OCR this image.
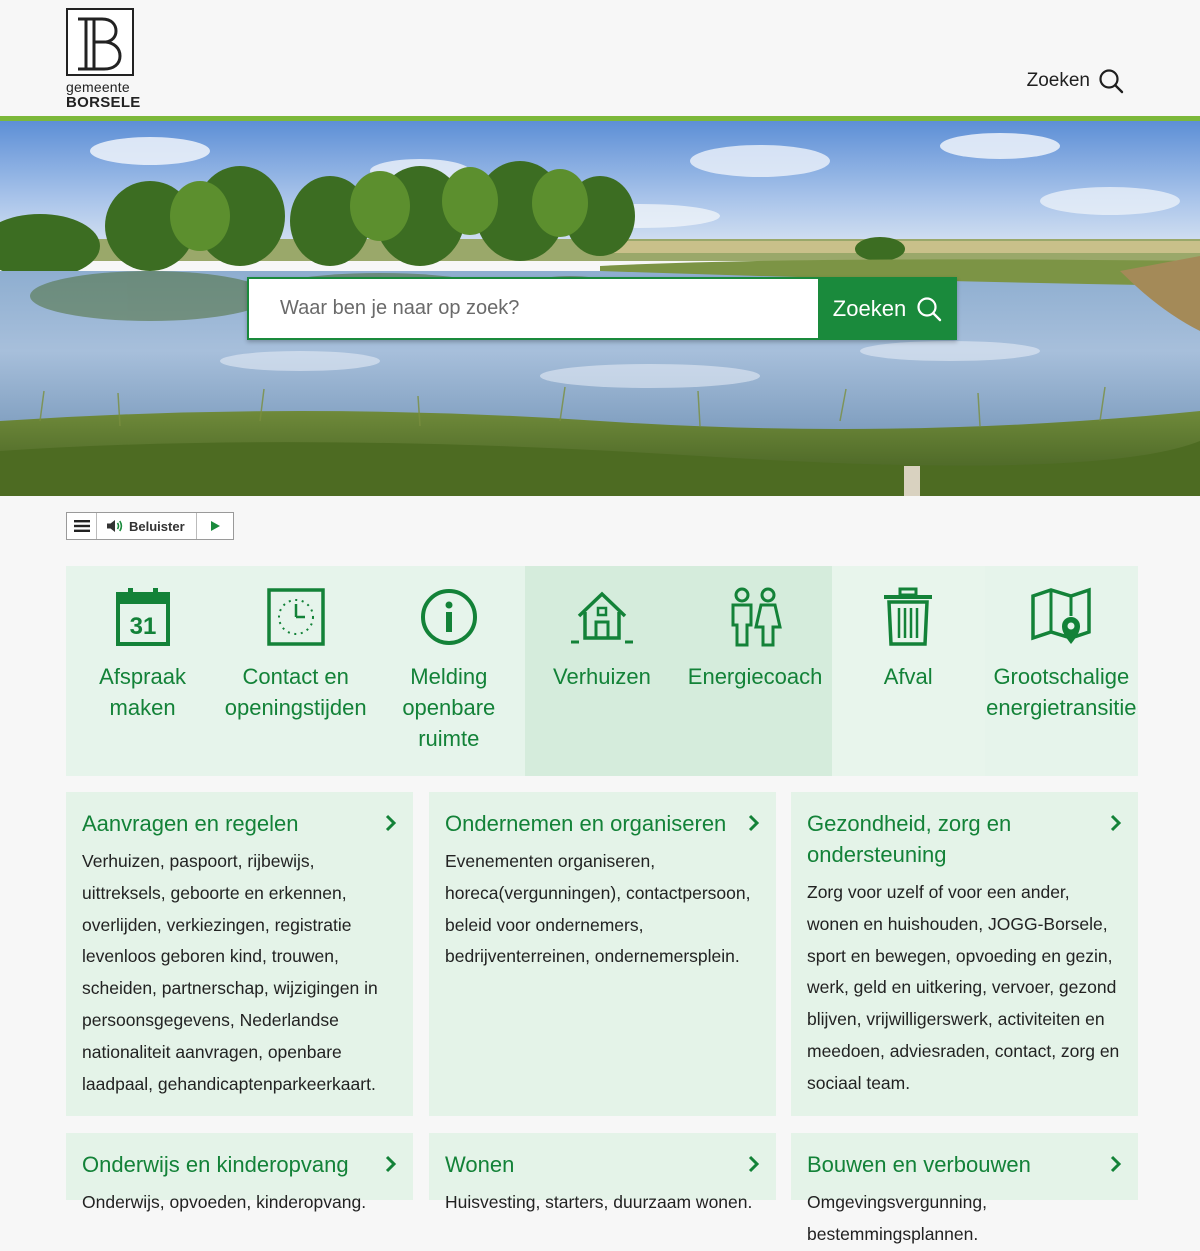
gemeente
BORSELE
Zoeken
Waar ben je naar op zoek?
Zoeken
Beluister
31
Afspraak
maken
Contact en
openingstijden
Melding
openbare
ruimte
Verhuizen Energiecoach	Afval	Grootschalige
energietransitie
Aanvragen en regelen
Verhuizen, paspoort, rijbewijs, uittreksels, geboorte en erkennen, overlijden, verkiezingen, registratie levenloos geboren kind, trouwen, scheiden, partnerschap, wijzigingen in persoonsgegevens, Nederlandse nationaliteit aanvragen, openbare laadpaal, gehandicaptenparkeerkaart.
Ondernemen en organiseren
Evenementen organiseren, horeca(vergunningen), contactpersoon, beleid voor ondernemers, bedrijventerreinen, ondernemersplein.
Gezondheid, zorg en ondersteuning
Zorg voor uzelf of voor een ander, wonen en huishouden, JOGG-Borsele, sport en bewegen, opvoeding en gezin, werk, geld en uitkering, vervoer, gezond blijven, vrijwilligerswerk, activiteiten en meedoen, adviesraden, contact, zorg en sociaal team.
Onderwijs en kinderopvang
Onderwijs, opvoeden, kinderopvang.
Wonen
Huisvesting, starters, duurzaam wonen.
Bouwen en verbouwen
Omgevingsvergunning, bestemmingsplannen.
